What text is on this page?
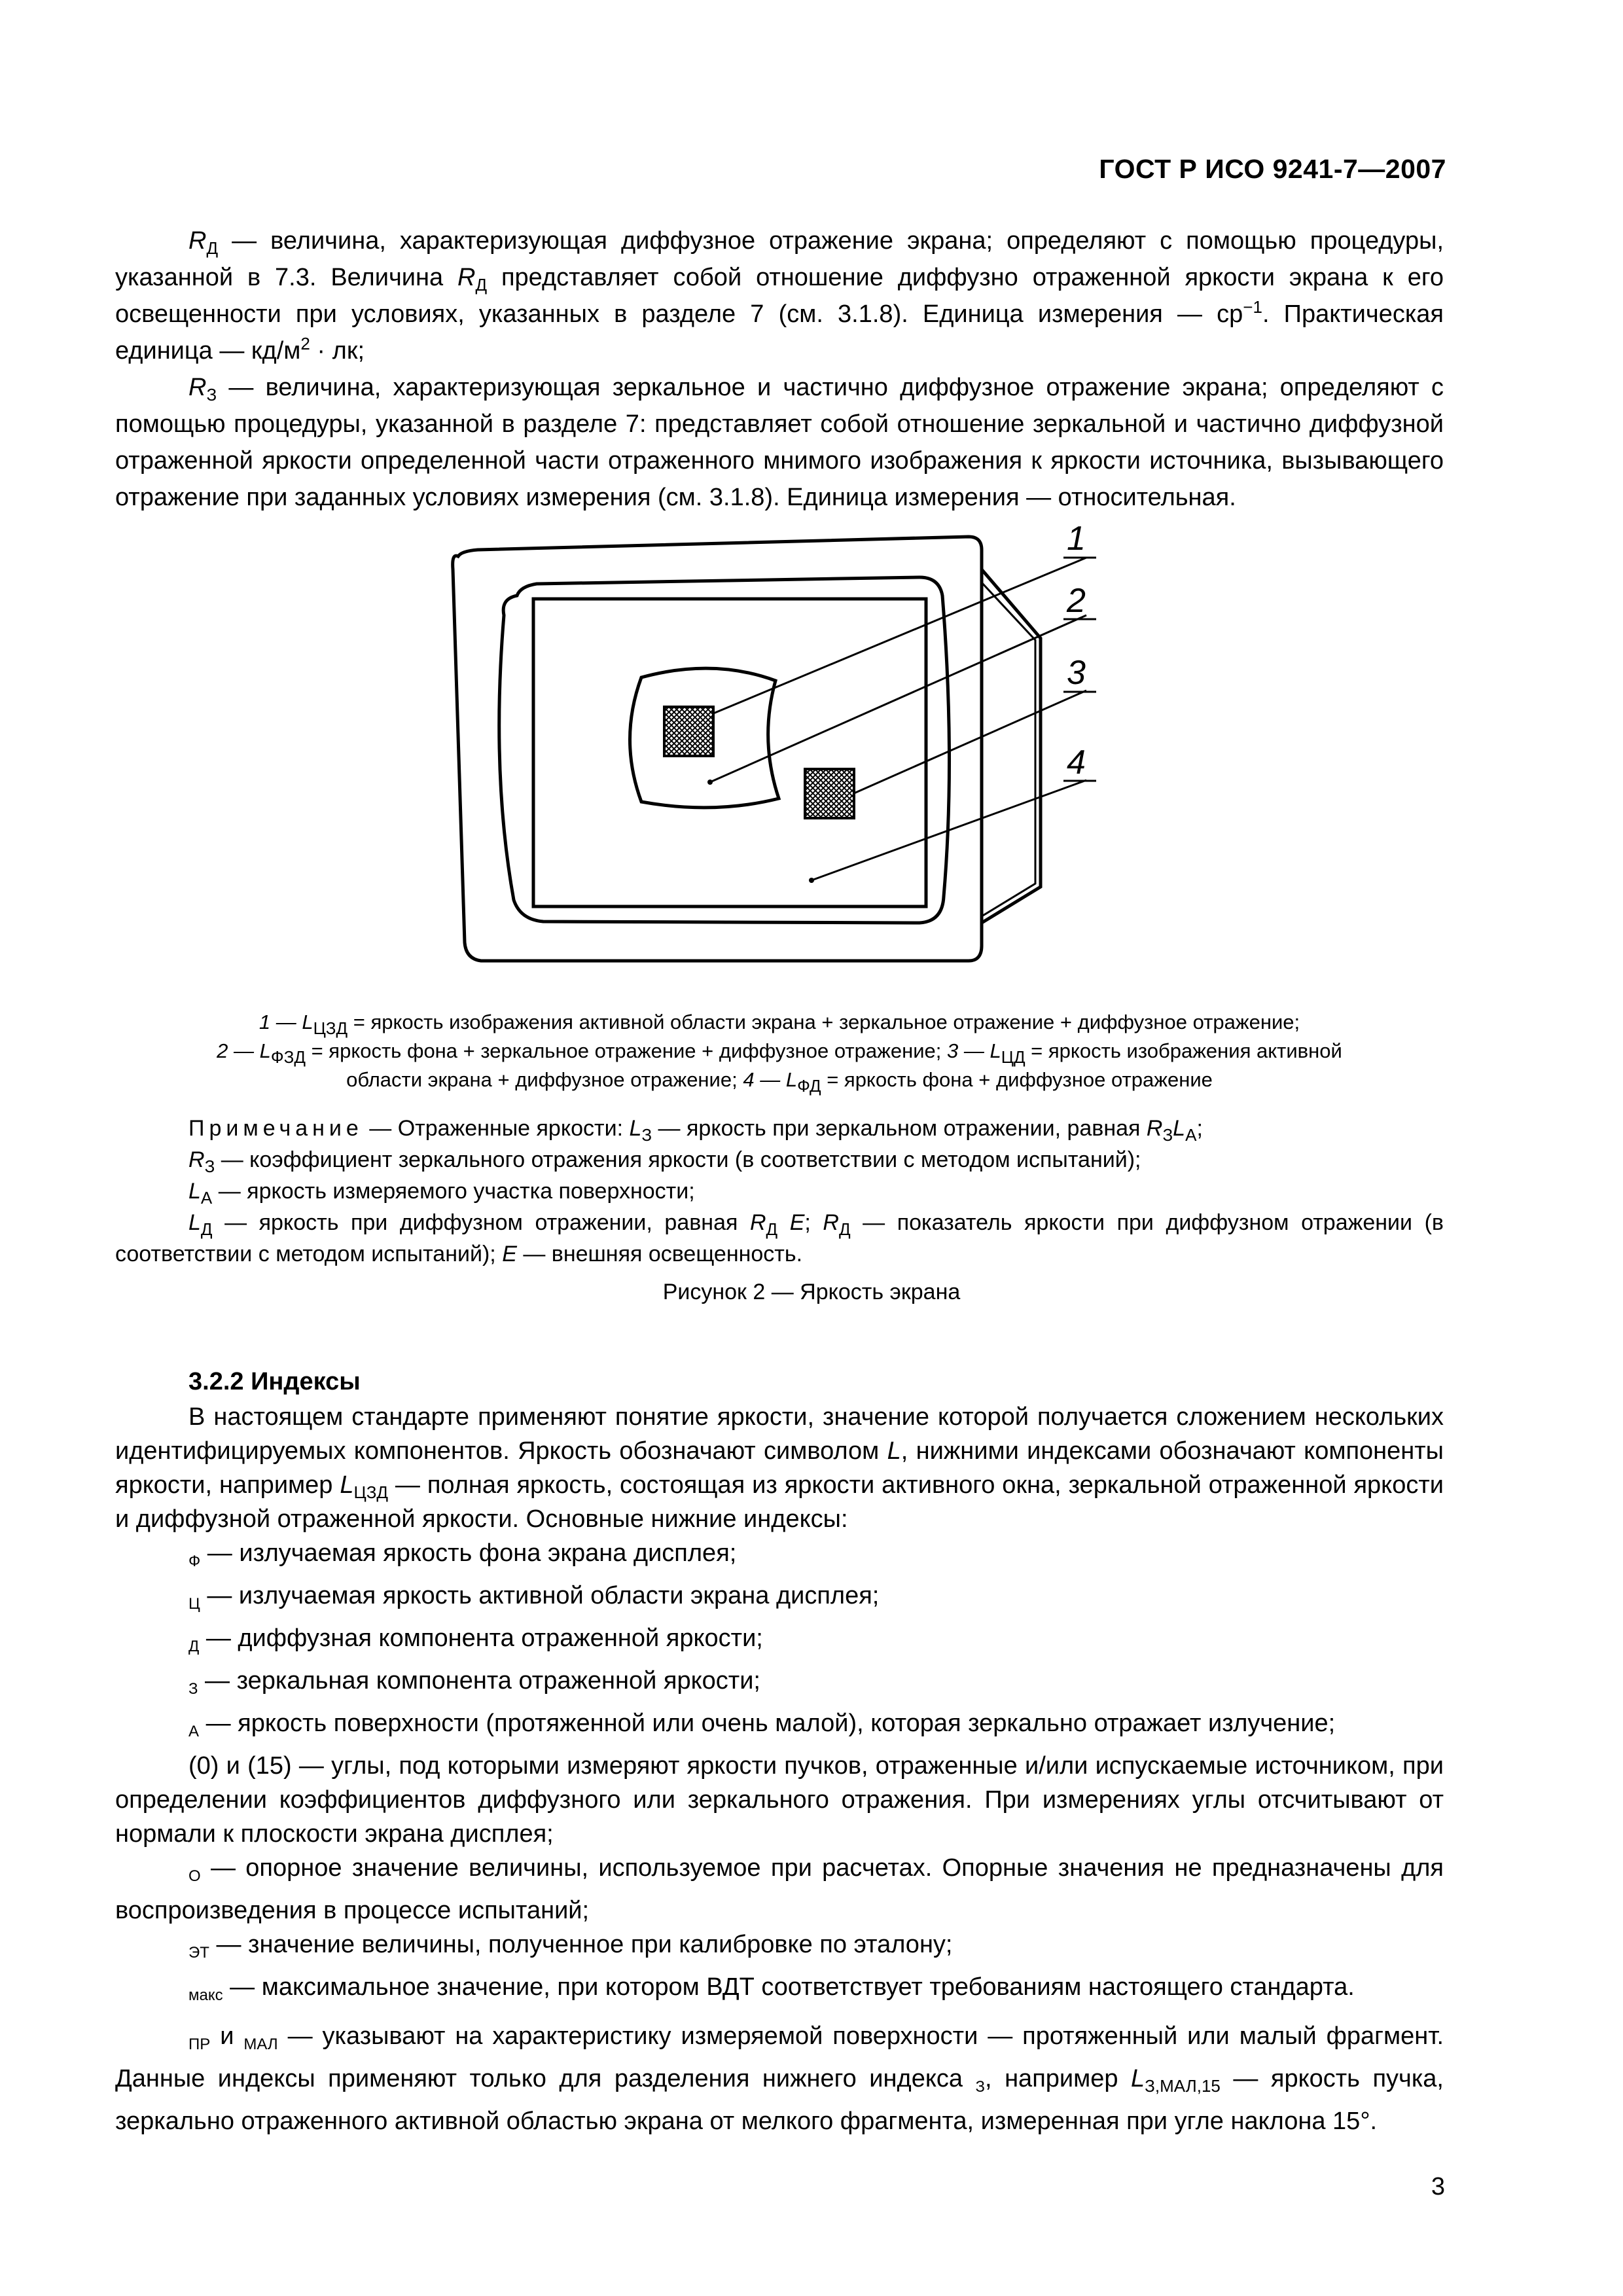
ГОСТ Р ИСО 9241-7—2007

$R_Д$ — величина, характеризующая диффузное отражение экрана; определяют с помощью процедуры, указанной в 7.3. Величина $R_Д$ представляет собой отношение диффузно отраженной яркости экрана к его освещенности при условиях, указанных в разделе 7 (см. 3.1.8). Единица измерения — $ср^{-1}$. Практическая единица — $кд/м^2$ · лк;

$R_З$ — величина, характеризующая зеркальное и частично диффузное отражение экрана; определяют с помощью процедуры, указанной в разделе 7: представляет собой отношение зеркальной и частично диффузной отраженной яркости определенной части отраженного мнимого изображения к яркости источника, вызывающего отражение при заданных условиях измерения (см. 3.1.8). Единица измерения — относительная.

1
2
3
4
1 — $L_{ЦЗД}$ = яркость изображения активной области экрана + зеркальное отражение + диффузное отражение;
2 — $L_{ФЗД}$ = яркость фона + зеркальное отражение + диффузное отражение; 3 — $L_{ЦД}$ = яркость изображения активной
области экрана + диффузное отражение; 4 — $L_{ФД}$ = яркость фона + диффузное отражение
Примечание — Отраженные яркости: $L_З$ — яркость при зеркальном отражении, равная $R_ЗL_А$;
$R_З$ — коэффициент зеркального отражения яркости (в соответствии с методом испытаний);
$L_А$ — яркость измеряемого участка поверхности;
$L_Д$ — яркость при диффузном отражении, равная $R_Д$ E; $R_Д$ — показатель яркости при диффузном отражении (в соответствии с методом испытаний); E — внешняя освещенность.
Рисунок 2 — Яркость экрана
3.2.2 Индексы

В настоящем стандарте применяют понятие яркости, значение которой получается сложением нескольких идентифицируемых компонентов. Яркость обозначают символом L, нижними индексами обозначают компоненты яркости, например $L_{ЦЗД}$ — полная яркость, состоящая из яркости активного окна, зеркальной отраженной яркости и диффузной отраженной яркости. Основные нижние индексы:

$_Ф$ — излучаемая яркость фона экрана дисплея;

$_Ц$ — излучаемая яркость активной области экрана дисплея;

$_Д$ — диффузная компонента отраженной яркости;

$_З$ — зеркальная компонента отраженной яркости;

$_А$ — яркость поверхности (протяженной или очень малой), которая зеркально отражает излучение;

(0) и (15) — углы, под которыми измеряют яркости пучков, отраженные и/или испускаемые источником, при определении коэффициентов диффузного или зеркального отражения. При измерениях углы отсчитывают от нормали к плоскости экрана дисплея;

$_О$ — опорное значение величины, используемое при расчетах. Опорные значения не предназначены для воспроизведения в процессе испытаний;

$_{ЭТ}$ — значение величины, полученное при калибровке по эталону;

$_{макс}$ — максимальное значение, при котором ВДТ соответствует требованиям настоящего стандарта.

$_{ПР}$ и $_{МАЛ}$ — указывают на характеристику измеряемой поверхности — протяженный или малый фрагмент. Данные индексы применяют только для разделения нижнего индекса $_З$, например $L_{З,МАЛ,15}$ — яркость пучка, зеркально отраженного активной областью экрана от мелкого фрагмента, измеренная при угле наклона 15°.

3
